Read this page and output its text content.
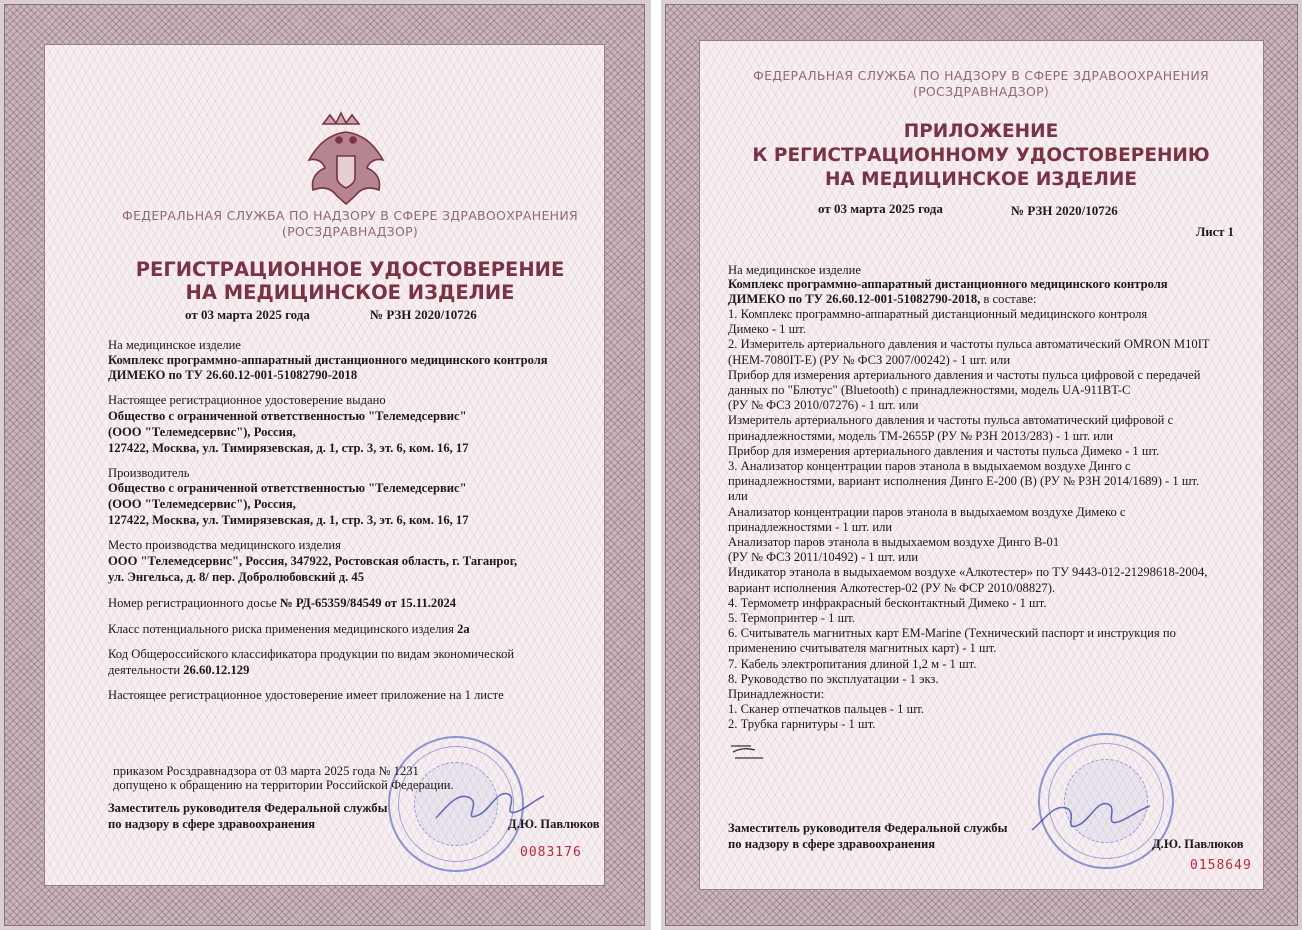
ФЕДЕРАЛЬНАЯ СЛУЖБА ПО НАДЗОРУ В СФЕРЕ ЗДРАВООХРАНЕНИЯ
(РОСЗДРАВНАДЗОР)
РЕГИСТРАЦИОННОЕ УДОСТОВЕРЕНИЕ
НА МЕДИЦИНСКОЕ ИЗДЕЛИЕ
от 03 марта 2025 года	№ РЗН 2020/10726
На медицинское изделие
Комплекс программно-аппаратный дистанционного медицинского контроля
ДИМЕКО по ТУ 26.60.12-001-51082790-2018
Настоящее регистрационное удостоверение выдано
Общество с ограниченной ответственностью "Телемедсервис"
(ООО "Телемедсервис"), Россия,
127422, Москва, ул. Тимирязевская, д. 1, стр. 3, эт. 6, ком. 16, 17
Производитель
Общество с ограниченной ответственностью "Телемедсервис"
(ООО "Телемедсервис"), Россия,
127422, Москва, ул. Тимирязевская, д. 1, стр. 3, эт. 6, ком. 16, 17
Место производства медицинского изделия
ООО "Телемедсервис", Россия, 347922, Ростовская область, г. Таганрог,
ул. Энгельса, д. 8/ пер. Добролюбовский д. 45
Номер регистрационного досье № РД-65359/84549 от 15.11.2024
Класс потенциального риска применения медицинского изделия 2а
Код Общероссийского классификатора продукции по видам экономической
деятельности 26.60.12.129
Настоящее регистрационное удостоверение имеет приложение на 1 листе
приказом Росздравнадзора от 03 марта 2025 года № 1231
допущено к обращению на территории Российской Федерации.
Заместитель руководителя Федеральной службы
по надзору в сфере здравоохранения	Д.Ю. Павлюков
0083176
ФЕДЕРАЛЬНАЯ СЛУЖБА ПО НАДЗОРУ В СФЕРЕ ЗДРАВООХРАНЕНИЯ
(РОСЗДРАВНАДЗОР)
ПРИЛОЖЕНИЕ
К РЕГИСТРАЦИОННОМУ УДОСТОВЕРЕНИЮ
НА МЕДИЦИНСКОЕ ИЗДЕЛИЕ
от 03 марта 2025 года	№ РЗН 2020/10726
Лист 1
На медицинское изделие
Комплекс программно-аппаратный дистанционного медицинского контроля
ДИМЕКО по ТУ 26.60.12-001-51082790-2018, в составе:
1. Комплекс программно-аппаратный дистанционный медицинского контроля
Димеко - 1 шт.
2. Измеритель артериального давления и частоты пульса автоматический OMRON M10IT
(HEM-7080IT-E) (РУ № ФСЗ 2007/00242) - 1 шт. или
Прибор для измерения артериального давления и частоты пульса цифровой с передачей
данных по "Блютус" (Bluetooth) с принадлежностями, модель UA-911BT-C
(РУ № ФСЗ 2010/07276) - 1 шт. или
Измеритель артериального давления и частоты пульса автоматический цифровой с
принадлежностями, модель TM-2655P (РУ № РЗН 2013/283) - 1 шт. или
Прибор для измерения артериального давления и частоты пульса Димеко - 1 шт.
3. Анализатор концентрации паров этанола в выдыхаемом воздухе Динго с
принадлежностями, вариант исполнения Динго Е-200 (В) (РУ № РЗН 2014/1689) - 1 шт.
или
Анализатор концентрации паров этанола в выдыхаемом воздухе Димеко с
принадлежностями - 1 шт. или
Анализатор паров этанола в выдыхаемом воздухе Динго В-01
(РУ № ФСЗ 2011/10492) - 1 шт. или
Индикатор этанола в выдыхаемом воздухе «Алкотестер» по ТУ 9443-012-21298618-2004,
вариант исполнения Алкотестер-02 (РУ № ФСР 2010/08827).
4. Термометр инфракрасный бесконтактный Димеко - 1 шт.
5. Термопринтер - 1 шт.
6. Считыватель магнитных карт EM-Marine (Технический паспорт и инструкция по
применению считывателя магнитных карт) - 1 шт.
7. Кабель электропитания длиной 1,2 м - 1 шт.
8. Руководство по эксплуатации - 1 экз.
Принадлежности:
1. Сканер отпечатков пальцев - 1 шт.
2. Трубка гарнитуры - 1 шт.
Заместитель руководителя Федеральной службы
по надзору в сфере здравоохранения	Д.Ю. Павлюков
0158649
